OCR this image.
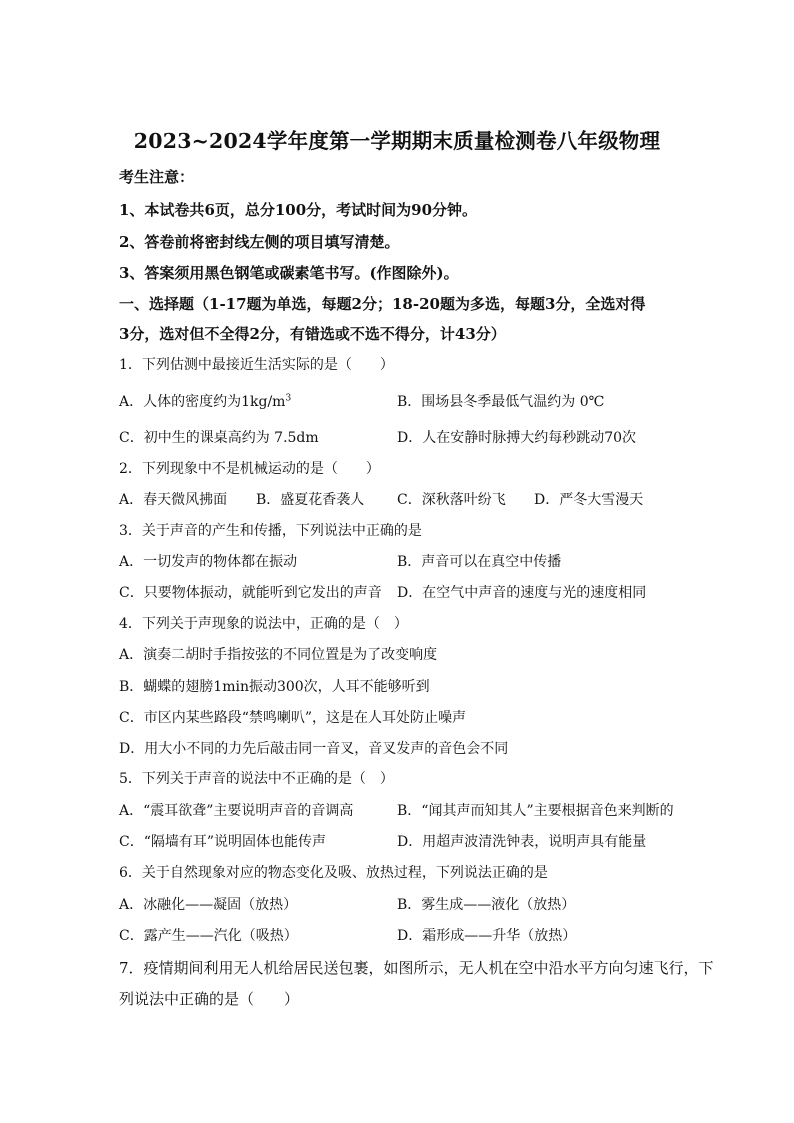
2023~2024学年度第一学期期末质量检测卷八年级物理
考生注意：
1、本试卷共6页，总分100分，考试时间为90分钟。
2、答卷前将密封线左侧的项目填写清楚。
3、答案须用黑色钢笔或碳素笔书写。(作图除外)。
一、选择题（1-17题为单选，每题2分；18-20题为多选，每题3分，全选对得
3分，选对但不全得2分，有错选或不选不得分，计43分）
1．下列估测中最接近生活实际的是（　　）
A．人体的密度约为$1kg/m^3$	B．围场县冬季最低气温约为 0℃
C．初中生的课桌高约为 7.5dm	D．人在安静时脉搏大约每秒跳动70次
2．下列现象中不是机械运动的是（　　）
A．春天微风拂面 B．盛夏花香袭人 C．深秋落叶纷飞 D．严冬大雪漫天
3．关于声音的产生和传播，下列说法中正确的是
A．一切发声的物体都在振动	B．声音可以在真空中传播
C．只要物体振动，就能听到它发出的声音 D．在空气中声音的速度与光的速度相同
4．下列关于声现象的说法中，正确的是（　）
A．演奏二胡时手指按弦的不同位置是为了改变响度
B．蝴蝶的翅膀1min振动300次，人耳不能够听到
C．市区内某些路段“禁鸣喇叭”，这是在人耳处防止噪声
D．用大小不同的力先后敲击同一音叉，音叉发声的音色会不同
5．下列关于声音的说法中不正确的是（　）
A．“震耳欲聋”主要说明声音的音调高	B．“闻其声而知其人”主要根据音色来判断的
C．“隔墙有耳”说明固体也能传声	D．用超声波清洗钟表，说明声具有能量
6．关于自然现象对应的物态变化及吸、放热过程，下列说法正确的是
A．冰融化——凝固（放热）	B．雾生成——液化（放热）
C．露产生——汽化（吸热）	D．霜形成——升华（放热）
7．疫情期间利用无人机给居民送包裹，如图所示，无人机在空中沿水平方向匀速飞行，下
列说法中正确的是（　　）
